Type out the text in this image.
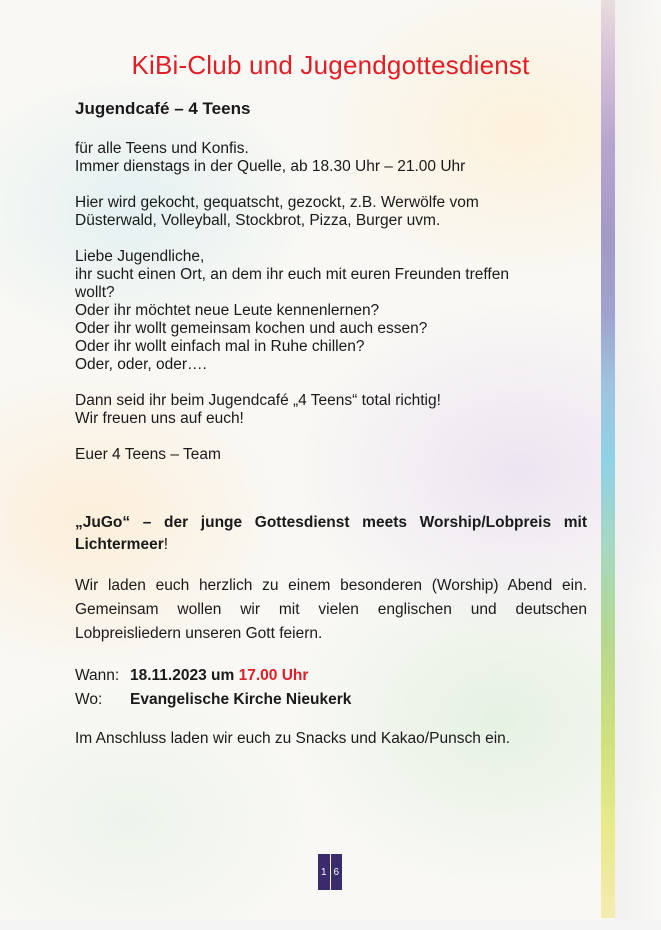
KiBi-Club und Jugendgottesdienst
Jugendcafé – 4 Teens

für alle Teens und Konfis.
Immer dienstags in der Quelle, ab 18.30 Uhr – 21.00 Uhr

Hier wird gekocht, gequatscht, gezockt, z.B. Werwölfe vom
Düsterwald, Volleyball, Stockbrot, Pizza, Burger uvm.

Liebe Jugendliche,
ihr sucht einen Ort, an dem ihr euch mit euren Freunden treffen
wollt?
Oder ihr möchtet neue Leute kennenlernen?
Oder ihr wollt gemeinsam kochen und auch essen?
Oder ihr wollt einfach mal in Ruhe chillen?
Oder, oder, oder….

Dann seid ihr beim Jugendcafé „4 Teens“ total richtig!
Wir freuen uns auf euch!

Euer 4 Teens – Team

„JuGo“ – der junge Gottesdienst meets Worship/Lobpreis mit Lichtermeer!

Wir laden euch herzlich zu einem besonderen (Worship) Abend ein. Gemeinsam wollen wir mit vielen englischen und deutschen Lobpreisliedern unseren Gott feiern.

Wann: 18.11.2023 um 17.00 Uhr
Wo: Evangelische Kirche Nieukerk

Im Anschluss laden wir euch zu Snacks und Kakao/Punsch ein.

1 6
